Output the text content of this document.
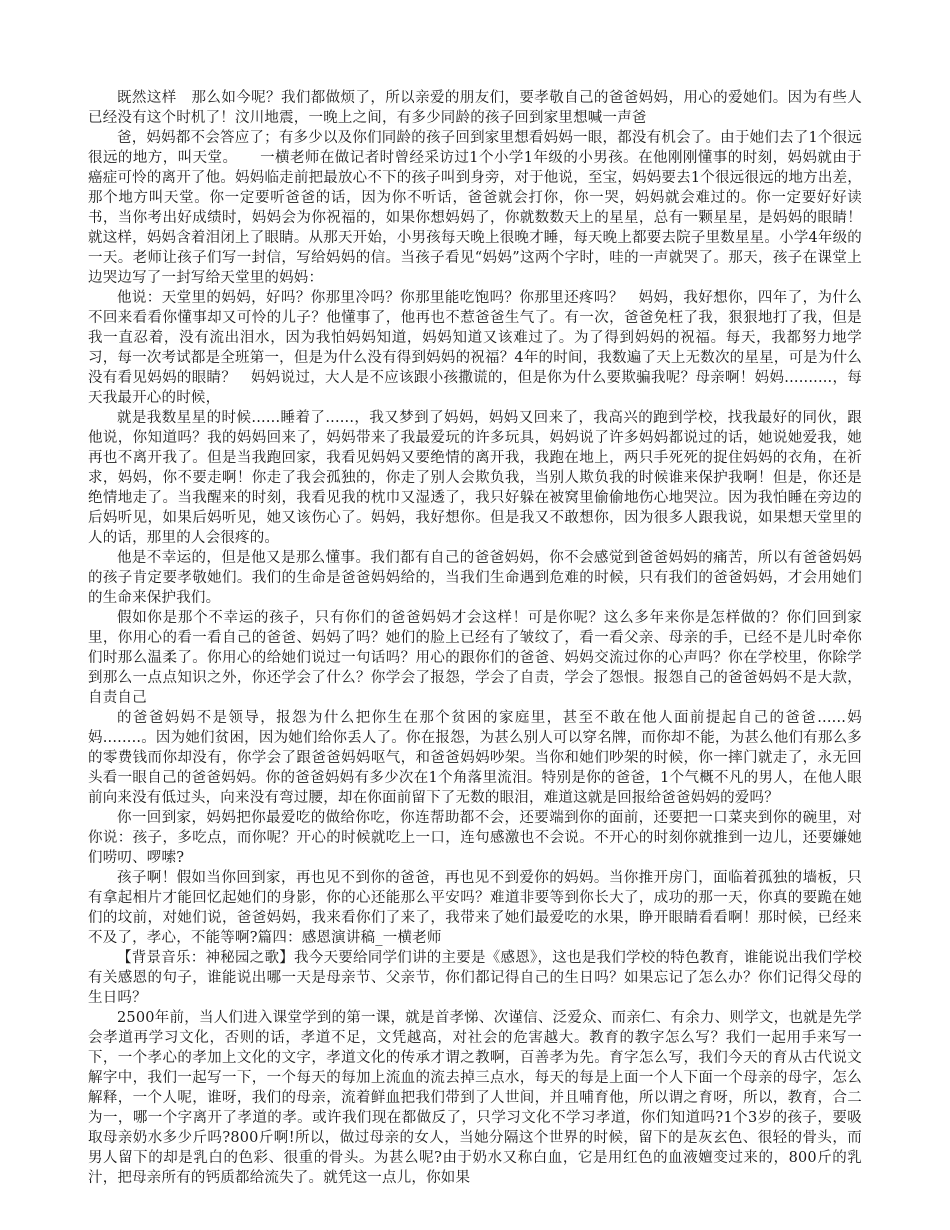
既然这样　那么如今呢？我们都做烦了，所以亲爱的朋友们，要孝敬自己的爸爸妈妈，用心的爱她们。因为有些人已经没有这个时机了！汶川地震，一晚上之间，有多少同龄的孩子回到家里想喊一声爸

爸，妈妈都不会答应了；有多少以及你们同龄的孩子回到家里想看妈妈一眼，都没有机会了。由于她们去了1个很远很远的地方，叫天堂。　　一横老师在做记者时曾经采访过1个小学1年级的小男孩。在他刚刚懂事的时刻，妈妈就由于癌症可怜的离开了他。妈妈临走前把最放心不下的孩子叫到身旁，对于他说，至宝，妈妈要去1个很远很远的地方出差，那个地方叫天堂。你一定要听爸爸的话，因为你不听话，爸爸就会打你，你一哭，妈妈就会难过的。你一定要好好读书，当你考出好成绩时，妈妈会为你祝福的，如果你想妈妈了，你就数数天上的星星，总有一颗星星，是妈妈的眼睛！就这样，妈妈含着泪闭上了眼睛。从那天开始，小男孩每天晚上很晚才睡，每天晚上都要去院子里数星星。小学4年级的一天。老师让孩子们写一封信，写给妈妈的信。当孩子看见“妈妈”这两个字时，哇的一声就哭了。那天，孩子在课堂上边哭边写了一封写给天堂里的妈妈：

他说：天堂里的妈妈，好吗？你那里冷吗？你那里能吃饱吗？你那里还疼吗？　妈妈，我好想你，四年了，为什么不回来看看你懂事却又可怜的儿子？他懂事了，他再也不惹爸爸生气了。有一次，爸爸免枉了我，狠狠地打了我，但是我一直忍着，没有流出泪水，因为我怕妈妈知道，妈妈知道又该难过了。为了得到妈妈的祝福。每天，我都努力地学习，每一次考试都是全班第一，但是为什么没有得到妈妈的祝福？4年的时间，我数遍了天上无数次的星星，可是为什么　没有看见妈妈的眼睛？　妈妈说过，大人是不应该跟小孩撒谎的，但是你为什么要欺骗我呢？母亲啊！妈妈..........，每天我最开心的时候，

就是我数星星的时候......睡着了......，我又梦到了妈妈，妈妈又回来了，我高兴的跑到学校，找我最好的同伙，跟他说，你知道吗？我的妈妈回来了，妈妈带来了我最爱玩的许多玩具，妈妈说了许多妈妈都说过的话，她说她爱我，她再也不离开我了。但是当我跑回家，我看见妈妈又要绝情的离开我，我跑在地上，两只手死死的捉住妈妈的衣角，在祈求，妈妈，你不要走啊！你走了我会孤独的，你走了别人会欺负我，当别人欺负我的时候谁来保护我啊！但是，你还是绝情地走了。当我醒来的时刻，我看见我的枕巾又湿透了，我只好躲在被窝里偷偷地伤心地哭泣。因为我怕睡在旁边的后妈听见，如果后妈听见，她又该伤心了。妈妈，我好想你。但是我又不敢想你，因为很多人跟我说，如果想天堂里的人的话，那里的人会很疼的。

他是不幸运的，但是他又是那么懂事。我们都有自己的爸爸妈妈，你不会感觉到爸爸妈妈的痛苦，所以有爸爸妈妈的孩子肯定要孝敬她们。我们的生命是爸爸妈妈给的，当我们生命遇到危难的时候，只有我们的爸爸妈妈，才会用她们的生命来保护我们。

假如你是那个不幸运的孩子，只有你们的爸爸妈妈才会这样！可是你呢？这么多年来你是怎样做的？你们回到家里，你用心的看一看自己的爸爸、妈妈了吗？她们的脸上已经有了皱纹了，看一看父亲、母亲的手，已经不是儿时牵你们时那么温柔了。你用心的给她们说过一句话吗？用心的跟你们的爸爸、妈妈交流过你的心声吗？你在学校里，你除学到那么一点点知识之外，你还学会了什么？你学会了报怨，学会了自责，学会了怨恨。报怨自己的爸爸妈妈不是大款，自责自己

的爸爸妈妈不是领导，报怨为什么把你生在那个贫困的家庭里，甚至不敢在他人面前提起自己的爸爸......妈妈........。因为她们贫困，因为她们给你丢人了。你在报怨，为甚么别人可以穿名牌，而你却不能，为甚么他们有那么多的零费钱而你却没有，你学会了跟爸爸妈妈呕气，和爸爸妈妈吵架。当你和她们吵架的时候，你一摔门就走了，永无回头看一眼自己的爸爸妈妈。你的爸爸妈妈有多少次在1个角落里流泪。特别是你的爸爸，1个气概不凡的男人，在他人眼前向来没有低过头，向来没有弯过腰，却在你面前留下了无数的眼泪，难道这就是回报给爸爸妈妈的爱吗？

你一回到家，妈妈把你最爱吃的做给你吃，你连帮助都不会，还要端到你的面前，还要把一口菜夹到你的碗里，对你说：孩子，多吃点，而你呢？开心的时候就吃上一口，连句感激也不会说。不开心的时刻你就推到一边儿，还要嫌她们唠叨、啰嗦?

孩子啊！假如当你回到家，再也见不到你的爸爸，再也见不到爱你的妈妈。当你推开房门，面临着孤独的墙板，只有拿起相片才能回忆起她们的身影，你的心还能那么平安吗？难道非要等到你长大了，成功的那一天，你真的要跪在她们的坟前，对她们说，爸爸妈妈，我来看你们了来了，我带来了她们最爱吃的水果，睁开眼睛看看啊！那时候，已经来不及了，孝心，不能等啊?篇四：感恩演讲稿_一横老师

【背景音乐：神秘园之歌】我今天要给同学们讲的主要是《感恩》，这也是我们学校的特色教育，谁能说出我们学校有关感恩的句子，谁能说出哪一天是母亲节、父亲节，你们都记得自己的生日吗？如果忘记了怎么办？你们记得父母的生日吗？

2500年前，当人们进入课堂学到的第一课，就是首孝悌、次谨信、泛爱众、而亲仁、有余力、则学文，也就是先学会孝道再学习文化，否则的话，孝道不足，文凭越高，对社会的危害越大。教育的教字怎么写？我们一起用手来写一下，一个孝心的孝加上文化的文字，孝道文化的传承才谓之教啊，百善孝为先。育字怎么写，我们今天的育从古代说文解字中，我们一起写一下，一个每天的每加上流血的流去掉三点水，每天的每是上面一个人下面一个母亲的母字，怎么解释，一个人呢，谁呀，我们的母亲，流着鲜血把我们带到了人世间，并且哺育他，所以谓之育呀，所以，教育，合二为一，哪一个字离开了孝道的孝。或许我们现在都做反了，只学习文化不学习孝道，你们知道吗?1个3岁的孩子，要吸取母亲奶水多少斤吗?800斤啊!所以，做过母亲的女人，当她分隔这个世界的时候，留下的是灰玄色、很轻的骨头，而男人留下的却是乳白的色彩、很重的骨头。为甚么呢?由于奶水又称白血，它是用红色的血液嬗变过来的，800斤的乳汁，把母亲所有的钙质都给流失了。就凭这一点儿，你如果
